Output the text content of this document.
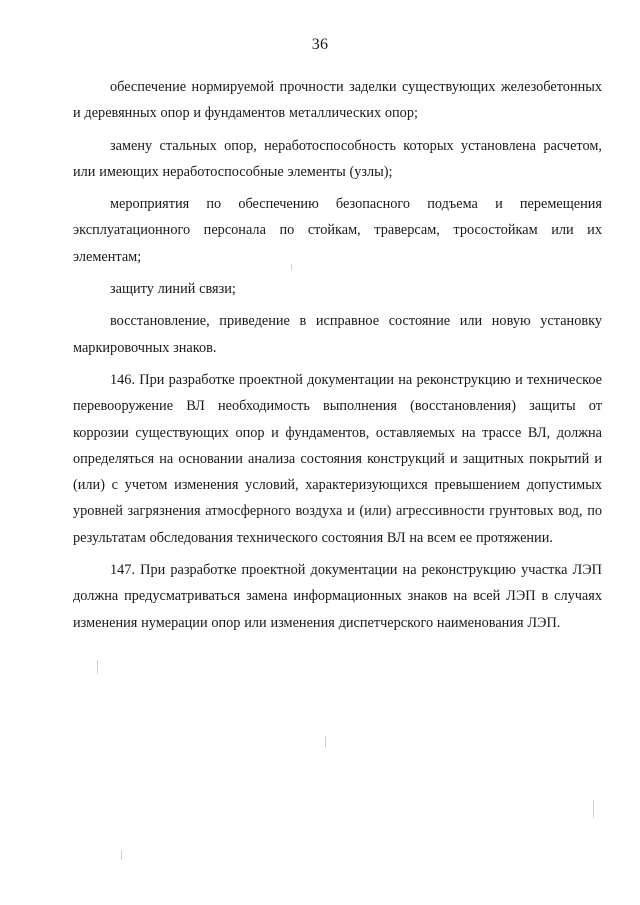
36

обеспечение нормируемой прочности заделки существующих железобетонных и деревянных опор и фундаментов металлических опор;

замену стальных опор, неработоспособность которых установлена расчетом, или имеющих неработоспособные элементы (узлы);

мероприятия по обеспечению безопасного подъема и перемещения эксплуатационного персонала по стойкам, траверсам, тросостойкам или их элементам;

защиту линий связи;

восстановление, приведение в исправное состояние или новую установку маркировочных знаков.

146. При разработке проектной документации на реконструкцию и техническое перевооружение ВЛ необходимость выполнения (восстановления) защиты от коррозии существующих опор и фундаментов, оставляемых на трассе ВЛ, должна определяться на основании анализа состояния конструкций и защитных покрытий и (или) с учетом изменения условий, характеризующихся превышением допустимых уровней загрязнения атмосферного воздуха и (или) агрессивности грунтовых вод, по результатам обследования технического состояния ВЛ на всем ее протяжении.

147. При разработке проектной документации на реконструкцию участка ЛЭП должна предусматриваться замена информационных знаков на всей ЛЭП в случаях изменения нумерации опор или изменения диспетчерского наименования ЛЭП.
